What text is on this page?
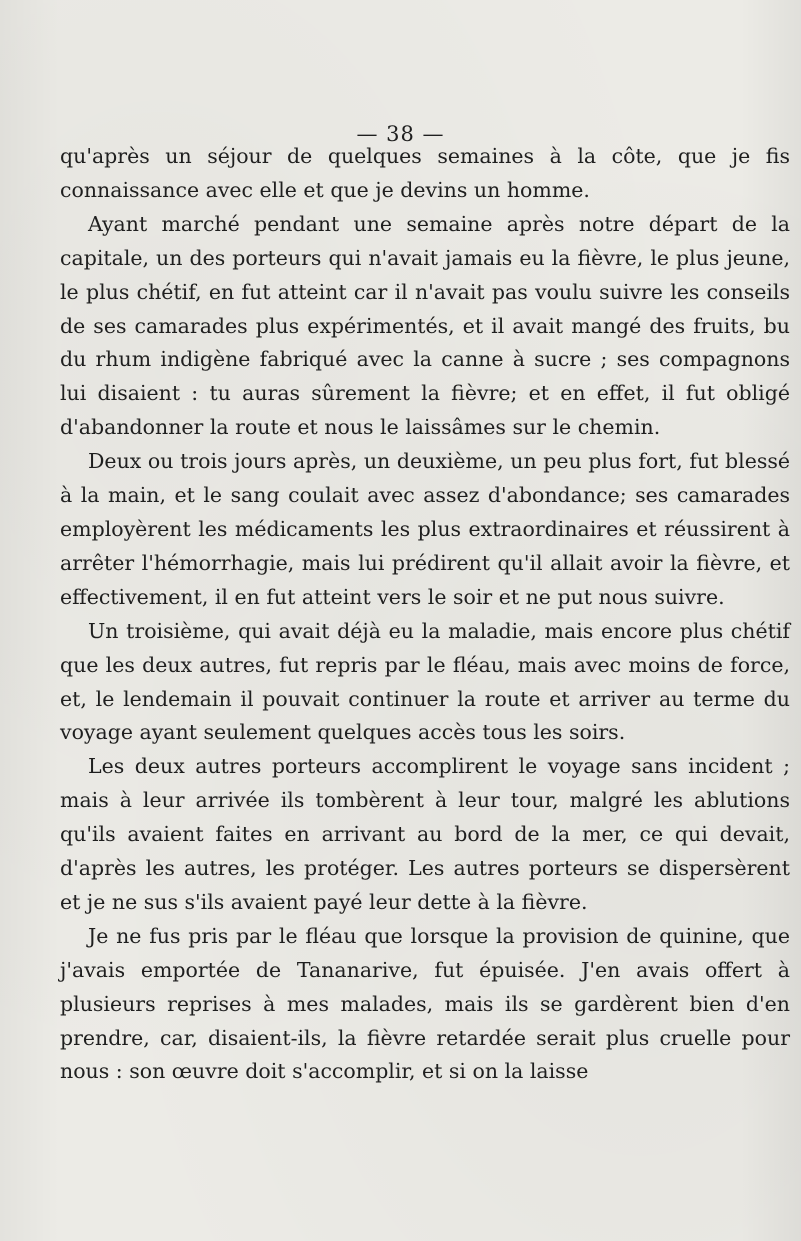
— 38 —

qu'après un séjour de quelques semaines à la côte, que je fis connaissance avec elle et que je devins un homme.

Ayant marché pendant une semaine après notre départ de la capitale, un des porteurs qui n'avait jamais eu la fièvre, le plus jeune, le plus chétif, en fut atteint car il n'avait pas voulu suivre les conseils de ses camarades plus expérimentés, et il avait mangé des fruits, bu du rhum indigène fabriqué avec la canne à sucre ; ses compagnons lui disaient : tu auras sûrement la fièvre; et en effet, il fut obligé d'abandonner la route et nous le laissâmes sur le chemin.

Deux ou trois jours après, un deuxième, un peu plus fort, fut blessé à la main, et le sang coulait avec assez d'abondance; ses camarades employèrent les médicaments les plus extraordinaires et réussirent à arrêter l'hémorrhagie, mais lui prédirent qu'il allait avoir la fièvre, et effectivement, il en fut atteint vers le soir et ne put nous suivre.

Un troisième, qui avait déjà eu la maladie, mais encore plus chétif que les deux autres, fut repris par le fléau, mais avec moins de force, et, le lendemain il pouvait continuer la route et arriver au terme du voyage ayant seulement quelques accès tous les soirs.

Les deux autres porteurs accomplirent le voyage sans incident ; mais à leur arrivée ils tombèrent à leur tour, malgré les ablutions qu'ils avaient faites en arrivant au bord de la mer, ce qui devait, d'après les autres, les protéger. Les autres porteurs se dispersèrent et je ne sus s'ils avaient payé leur dette à la fièvre.

Je ne fus pris par le fléau que lorsque la provision de quinine, que j'avais emportée de Tananarive, fut épuisée. J'en avais offert à plusieurs reprises à mes malades, mais ils se gardèrent bien d'en prendre, car, disaient-ils, la fièvre retardée serait plus cruelle pour nous : son œuvre doit s'accomplir, et si on la laisse
